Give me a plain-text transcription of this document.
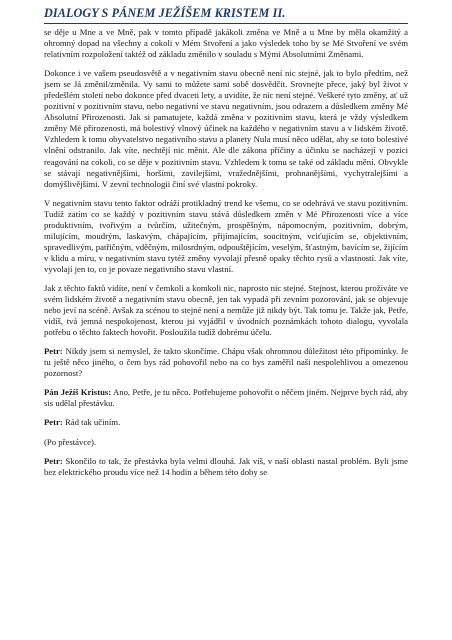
DIALOGY S PÁNEM JEŽÍŠEM KRISTEM II.

se děje u Mne a ve Mně, pak v tomto případě jakákoli změna ve Mně a u Mne by měla okamžitý a ohromný dopad na všechny a cokoli v Mém Stvoření a jako výsledek toho by se Mé Stvoření ve svém relativním rozpoložení taktéž od základu změnilo v souladu s Mými Absolutními Změnami.

Dokonce i ve vašem pseudosvětě a v negativním stavu obecně není nic stejné, jak to bylo předtím, než jsem se Já změnil/změnila. Vy sami to můžete sami sobě dosvědčit. Srovnejte přece, jaký byl život v předešlém století nebo dokonce před dvaceti lety, a uvidíte, že nic není stejné. Veškeré tyto změny, ať už pozitivní v pozitivním stavu, nebo negativní ve stavu negativním, jsou odrazem a důsledkem změny Mé Absolutní Přirozenosti. Jak si pamatujete, každá změna v pozitivním stavu, která je vždy výsledkem změny Mé přirozenosti, má bolestivý vlnový účinek na každého v negativním stavu a v lidském životě. Vzhledem k tomu obyvatelstvo negativního stavu a planety Nula musí něco udělat, aby se toto bolestivé vlnění odstranilo. Jak víte, nechtějí nic měnit. Ale dle zákona příčiny a účinku se nacházejí v pozici reagování na cokoli, co se děje v pozitivním stavu. Vzhledem k tomu se také od základu mění. Obvykle se stávají negativnějšími, horšími, zavilejšími, vražednějšími, prohnanějšími, vychytralejšími a domýšlivějšími. V zevní technologii činí své vlastní pokroky.

V negativním stavu tento faktor odráží protikladný trend ke všemu, co se odehrává ve stavu pozitivním. Tudíž zatím co se každý v pozitivním stavu stává důsledkem změn v Mé Přirozenosti více a více produktivním, tvořivým a tvůrčím, užitečným, prospěšným, nápomocným, pozitivním, dobrým, milujícím, moudrým, laskavým, chápajícím, přijímajícím, soucitným, vciťujícím se, objektivním, spravedlivým, patřičným, vděčným, milosrdným, odpouštějícím, veselým, šťastným, bavícím se, žijícím v klidu a míru, v negativním stavu tytéž změny vyvolají přesně opaky těchto rysů a vlastností. Jak víte, vyvolají jen to, co je povaze negativního stavu vlastní.

Jak z těchto faktů vidíte, není v čemkoli a komkoli nic, naprosto nic stejné. Stejnost, kterou prožíváte ve svém lidském životě a negativním stavu obecně, jen tak vypadá při zevním pozorování, jak se objevuje nebo jeví na scéně. Avšak za scénou to stejné není a nemůže již nikdy být. Tak tomu je. Takže jak, Petře, vidíš, tvá jemná nespokojenost, kterou jsi vyjádřil v úvodních poznámkách tohoto dialogu, vyvolala potřebu o těchto faktech hovořit. Posloužila tudíž dobrému účelu.

Petr: Nikdy jsem si nemyslel, že takto skončíme. Chápu však ohromnou důležitost této připomínky. Je tu ještě něco jiného, o čem bys rád pohovořil nebo na co bys zaměřil naši nespolehlivou a omezenou pozornost?

Pán Ježíš Kristus: Ano, Petře, je tu něco. Potřebujeme pohovořit o něčem jiném. Nejprve bych rád, aby sis udělal přestávku.

Petr: Rád tak učiním.

(Po přestávce).

Petr: Skončilo to tak, že přestávka byla velmi dlouhá. Jak víš, v naší oblasti nastal problém. Byli jsme bez elektrického proudu více než 14 hodin a během této doby se
